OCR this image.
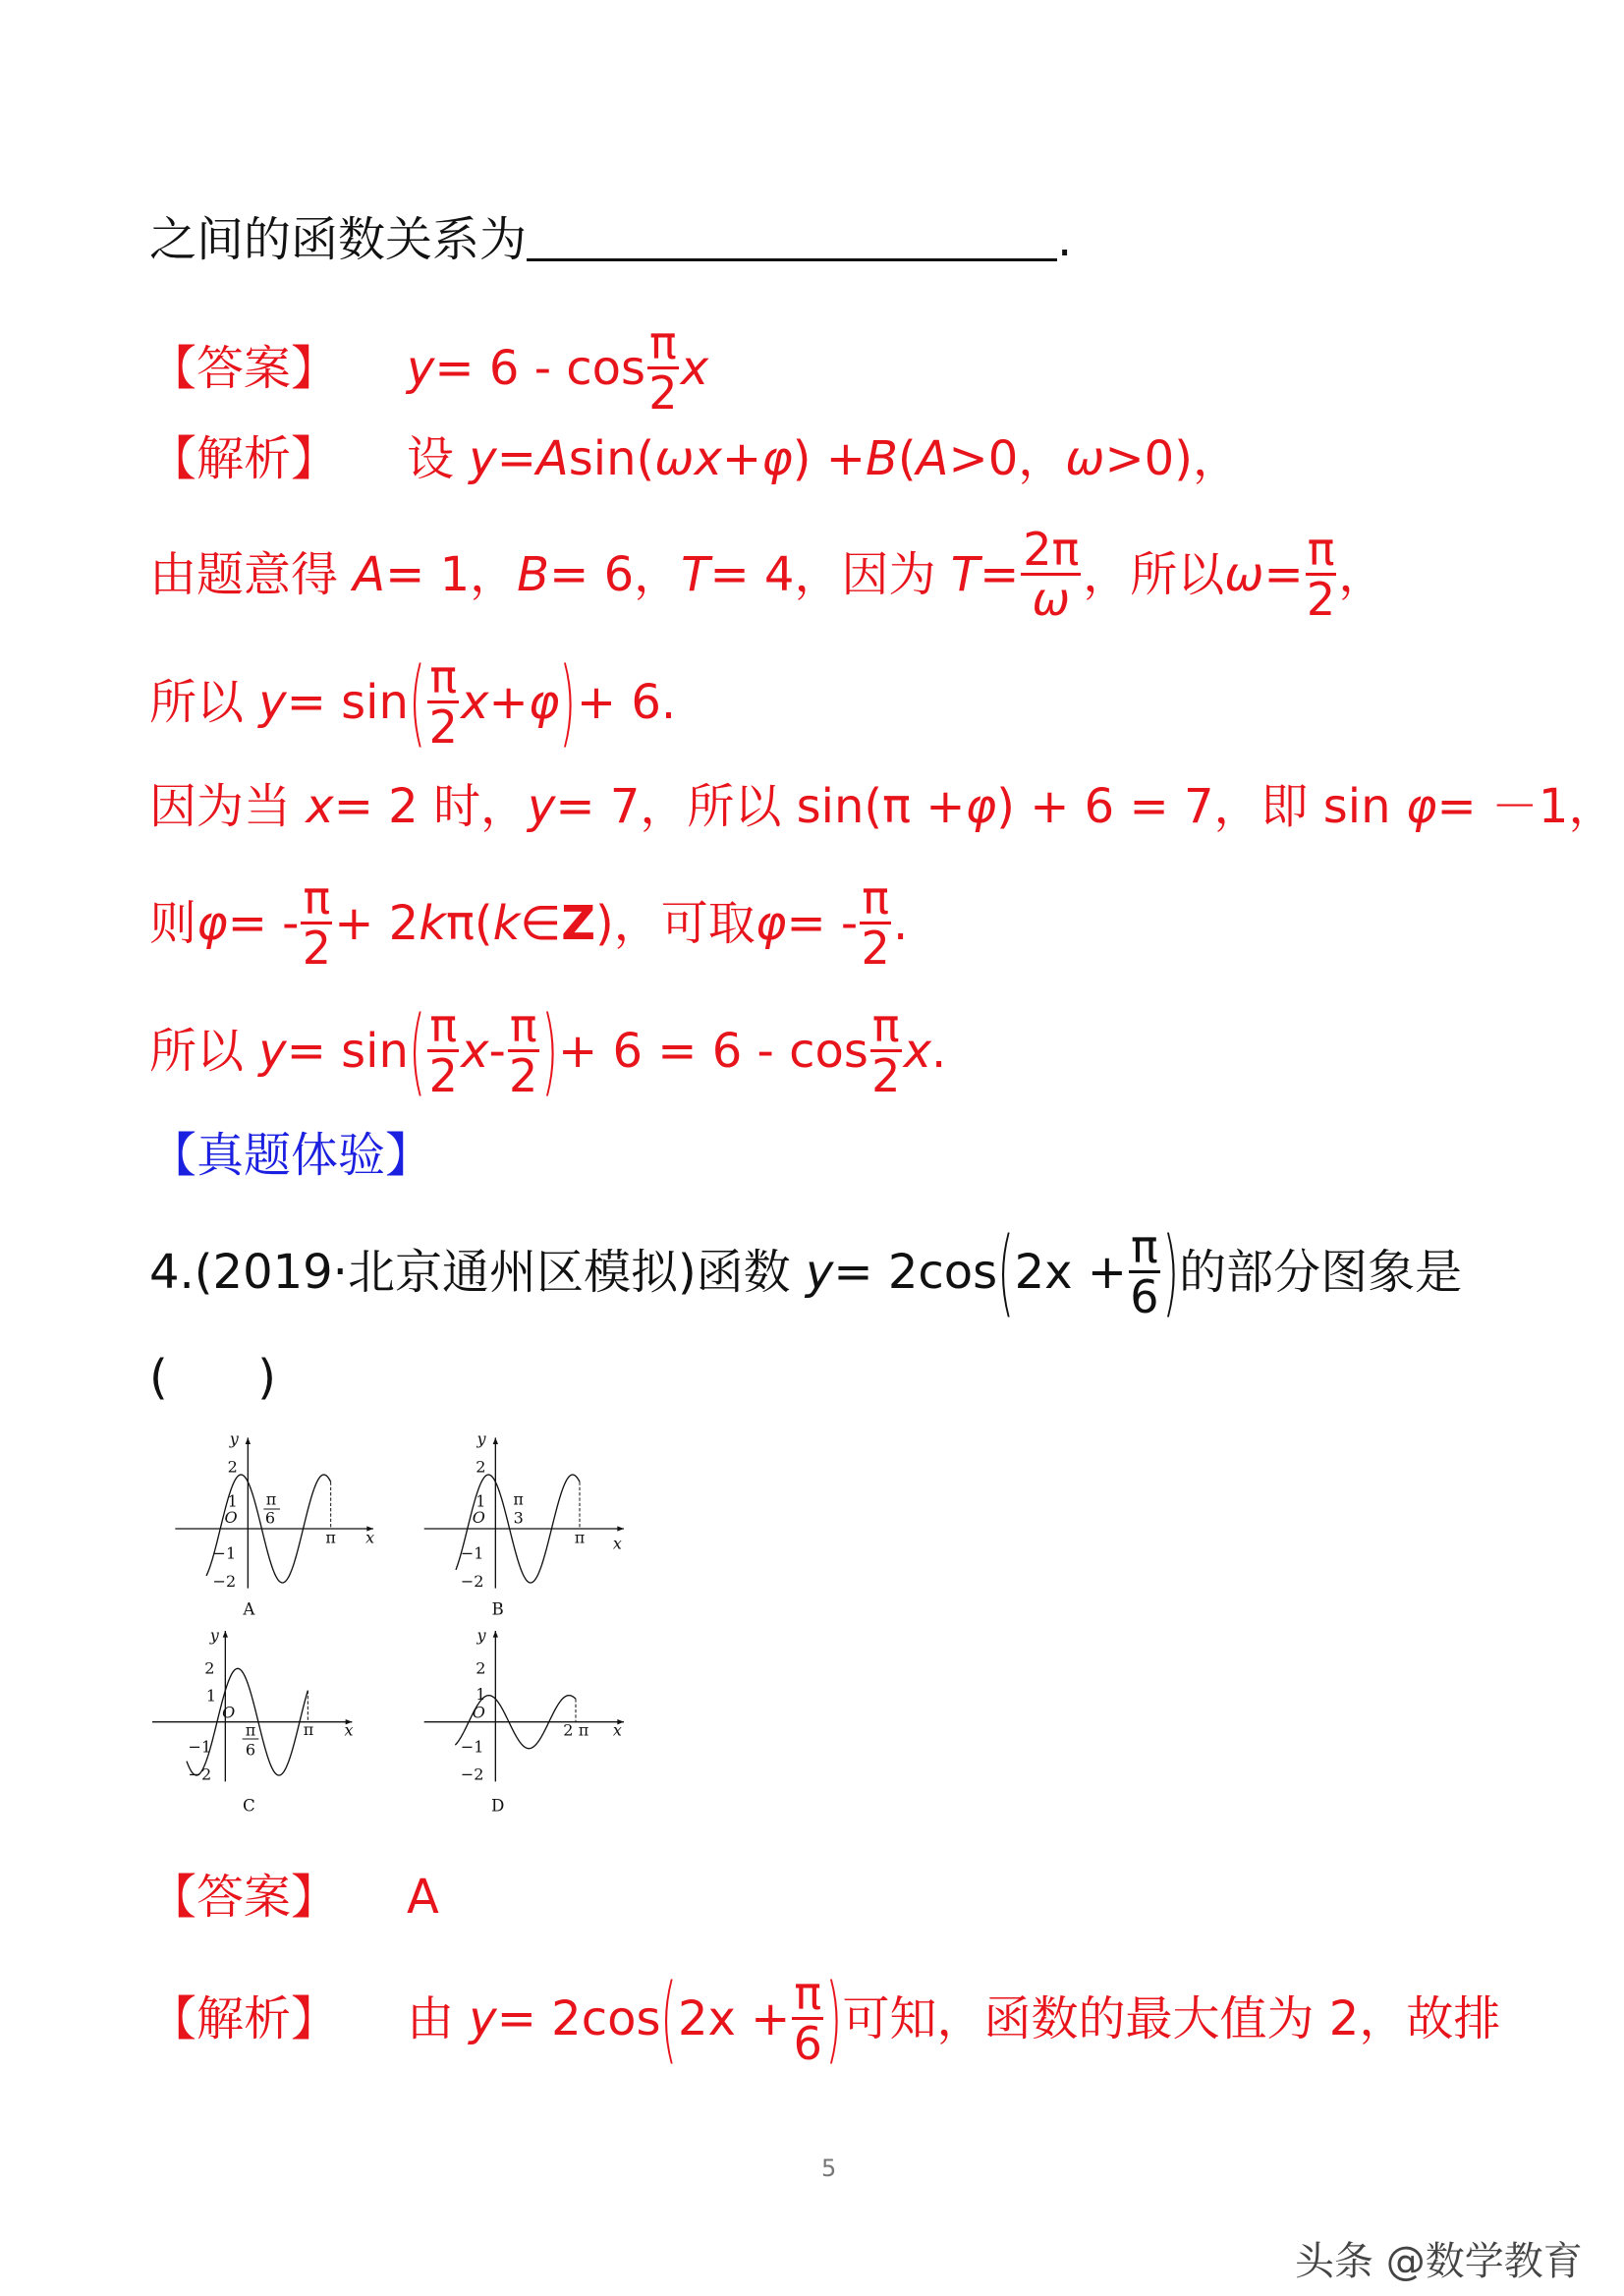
之间的函数关系为	.
【答案】 $y = 6 - \cos \frac{\pi}{2}$ x
【解析】 设
y = A sin( ωx + φ ) + B ( A >0， ω >0)，
由题意得
A = 1， B = 6， T = 4，因为
$T = \frac{2\pi}{\omega}$ ，所以 $\omega = \frac{\pi}{2}$ ，
所以
y = sin ( $\frac{\pi}{2}$ x + φ ) + 6.
因为当
x = 2 时， y = 7，所以 sin(π + φ ) + 6 = 7，即 sin
φ = －1，
则 φ = - $\frac{\pi}{2} + 2$ k π( k ∈ Z )，可取 φ = - $\frac{\pi}{2}$ .
所以
y = sin ( $\frac{\pi}{2}$ x - $\frac{\pi}{2}$ ) + $6 = 6 - \cos \frac{\pi}{2}$ x .
【真题体验】
4.(2019·北京通州区模拟)函数
y = 2cos ( $2x + \frac{\pi}{6}$ ) 的部分图象是
(      )
y
2
1
O
−1
−2
π
6
π x
A
y
2
1
O
−1
−2
π
3
π x
B
y
2
1
O
−1
−2
π
6
π x
C
y
2
1
O
−1
−2
2 π x
D
【答案】 A
【解析】 由
y = 2cos ( $2x + \frac{\pi}{6}$ ) 可知，函数的最大值为 2，故排
5
头条 @数学教育
